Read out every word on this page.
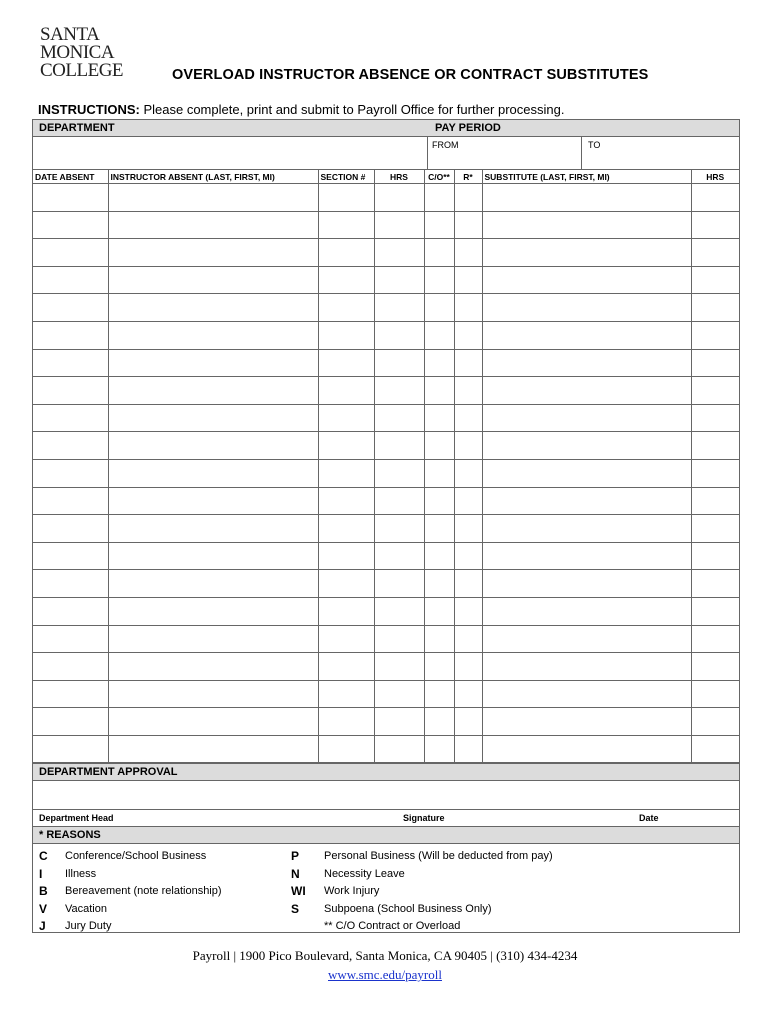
SANTA
MONICA
COLLEGE	OVERLOAD INSTRUCTOR ABSENCE OR CONTRACT SUBSTITUTES
INSTRUCTIONS: Please complete, print and submit to Payroll Office for further processing.
DEPARTMENT	PAY PERIOD
FROM	TO
DATE ABSENT	INSTRUCTOR ABSENT (LAST, FIRST, MI)	SECTION #	HRS	C/O**	R*	SUBSTITUTE (LAST, FIRST, MI)	HRS

DEPARTMENT APPROVAL
Department Head	Signature	Date
* REASONS
C Conference/School Business
I Illness
B Bereavement (note relationship)
V Vacation
J Jury Duty
P Personal Business (Will be deducted from pay)
N Necessity Leave
WI Work Injury
S Subpoena (School Business Only)
** C/O Contract or Overload
Payroll | 1900 Pico Boulevard, Santa Monica, CA 90405 | (310) 434-4234
www.smc.edu/payroll
